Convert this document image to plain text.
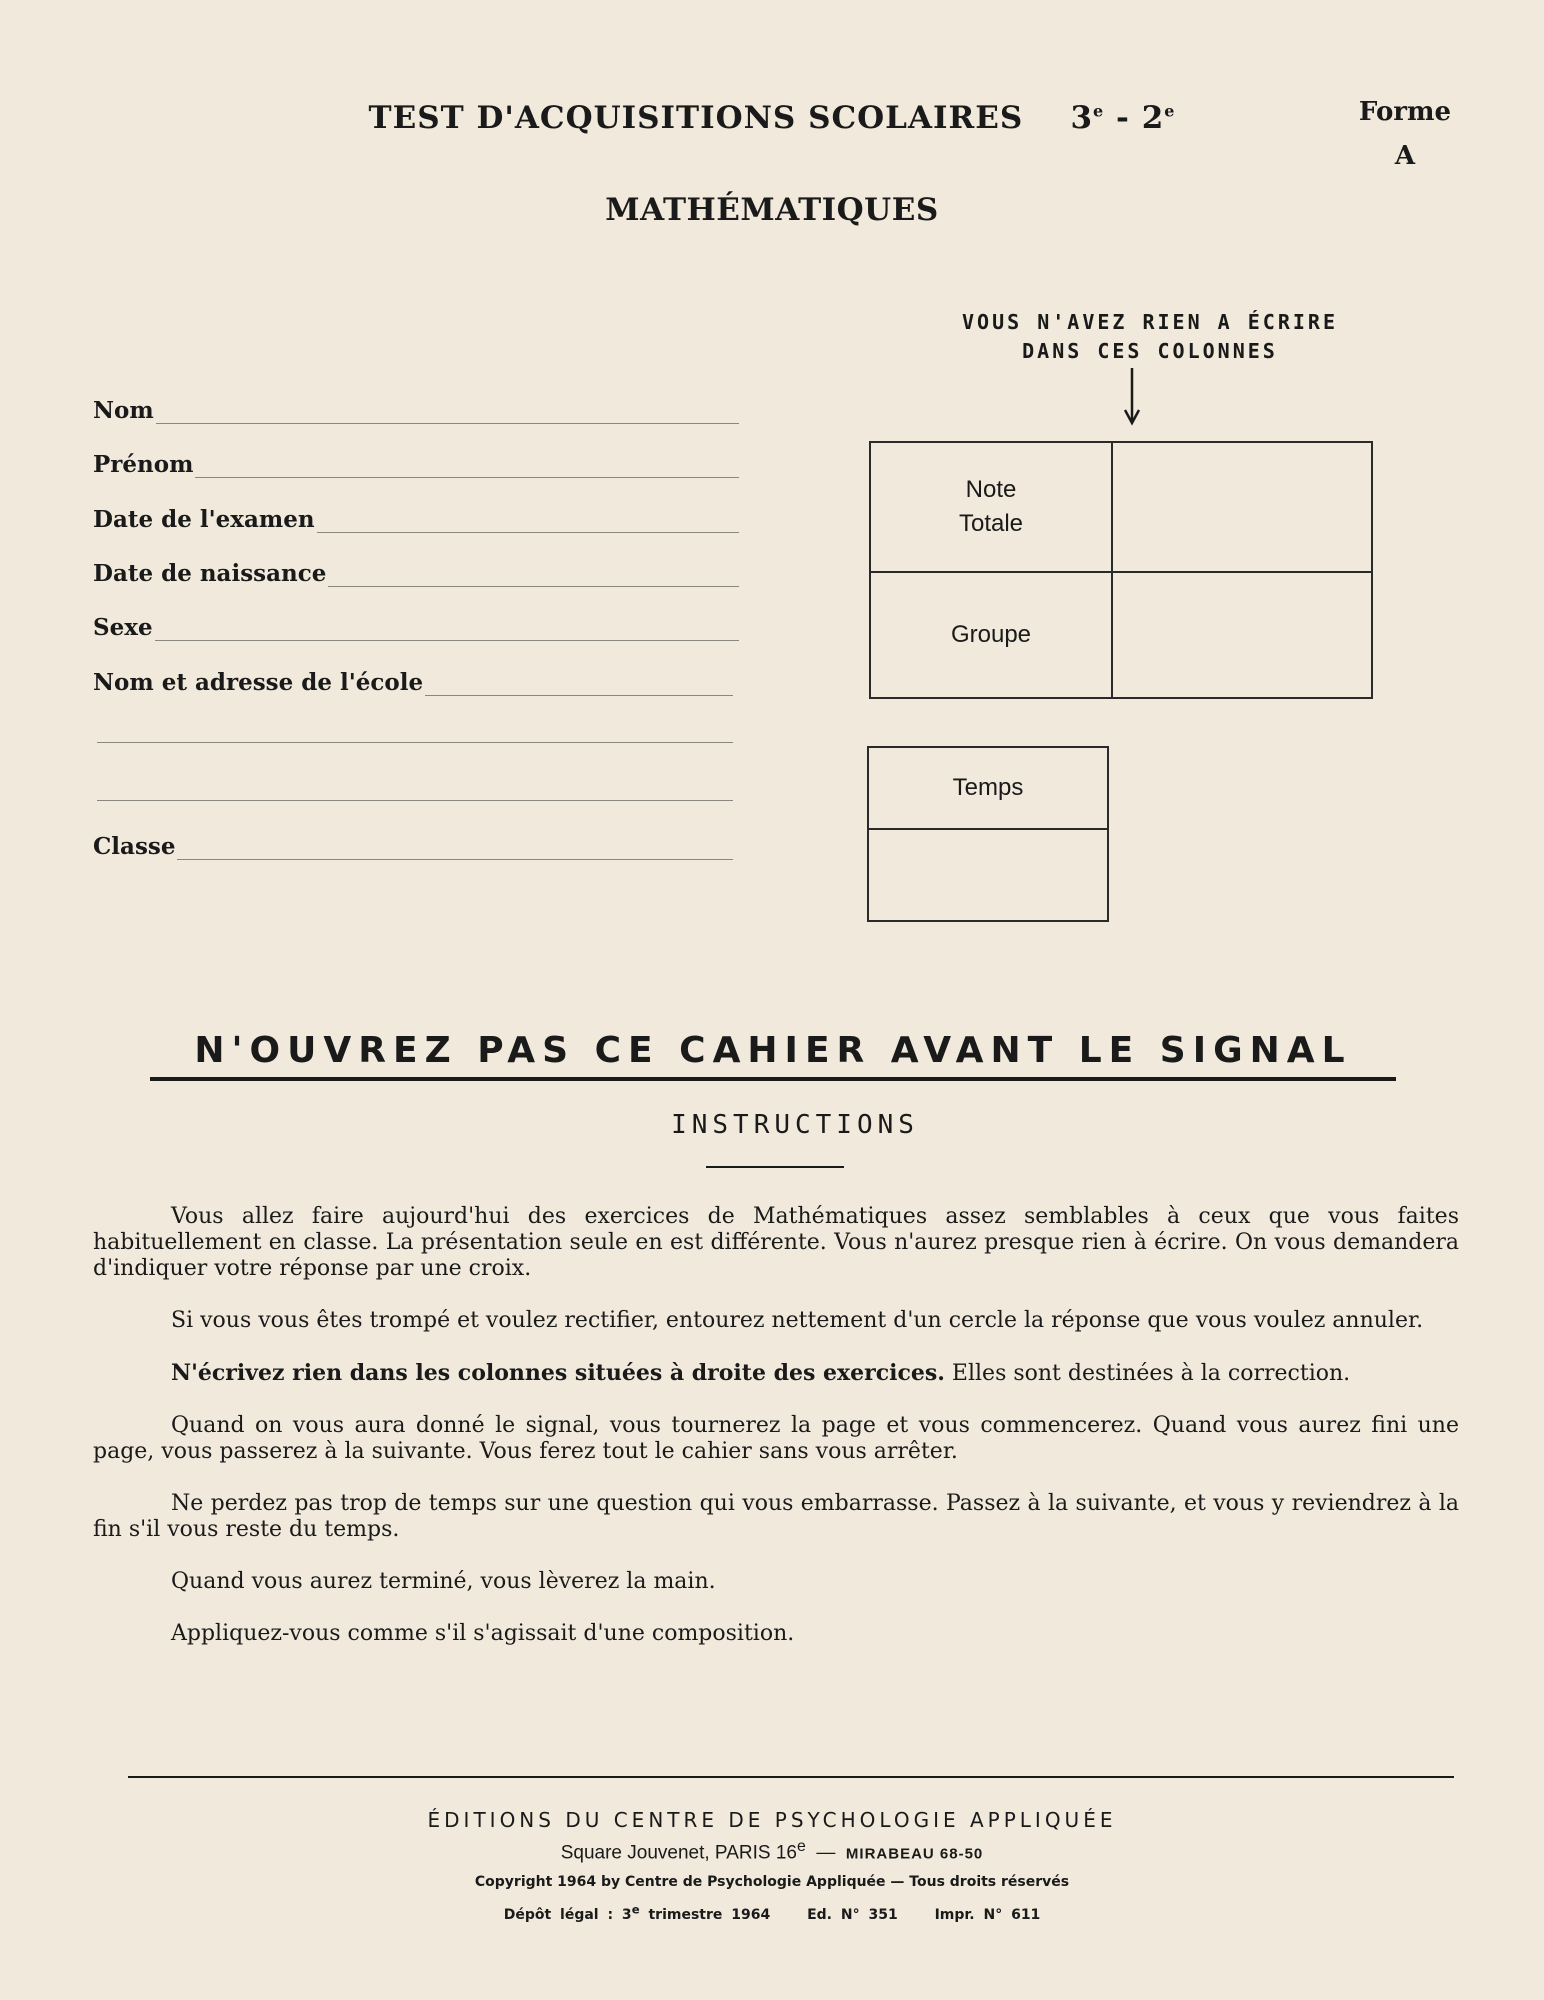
TEST D'ACQUISITIONS SCOLAIRES 3e - 2e
MATHÉMATIQUES
Forme
A
VOUS N'AVEZ RIEN A ÉCRIRE
DANS CES COLONNES
Nom
Prénom
Date de l'examen
Date de naissance
Sexe
Nom et adresse de l'école
Classe
Note
Totale	

Groupe	
Temps

N'OUVREZ PAS CE CAHIER AVANT LE SIGNAL
INSTRUCTIONS

Vous allez faire aujourd'hui des exercices de Mathématiques assez semblables à ceux que vous faites habituellement en classe. La présentation seule en est différente. Vous n'aurez presque rien à écrire. On vous demandera d'indiquer votre réponse par une croix.

Si vous vous êtes trompé et voulez rectifier, entourez nettement d'un cercle la réponse que vous voulez annuler.

N'écrivez rien dans les colonnes situées à droite des exercices. Elles sont destinées à la correction.

Quand on vous aura donné le signal, vous tournerez la page et vous commencerez. Quand vous aurez fini une page, vous passerez à la suivante. Vous ferez tout le cahier sans vous arrêter.

Ne perdez pas trop de temps sur une question qui vous embarrasse. Passez à la suivante, et vous y reviendrez à la fin s'il vous reste du temps.

Quand vous aurez terminé, vous lèverez la main.

Appliquez-vous comme s'il s'agissait d'une composition.

ÉDITIONS DU CENTRE DE PSYCHOLOGIE APPLIQUÉE
Square Jouvenet, PARIS 16e — MIRABEAU 68-50
Copyright 1964 by Centre de Psychologie Appliquée — Tous droits réservés
Dépôt légal : 3e trimestre 1964	Ed. N° 351	Impr. N° 611
